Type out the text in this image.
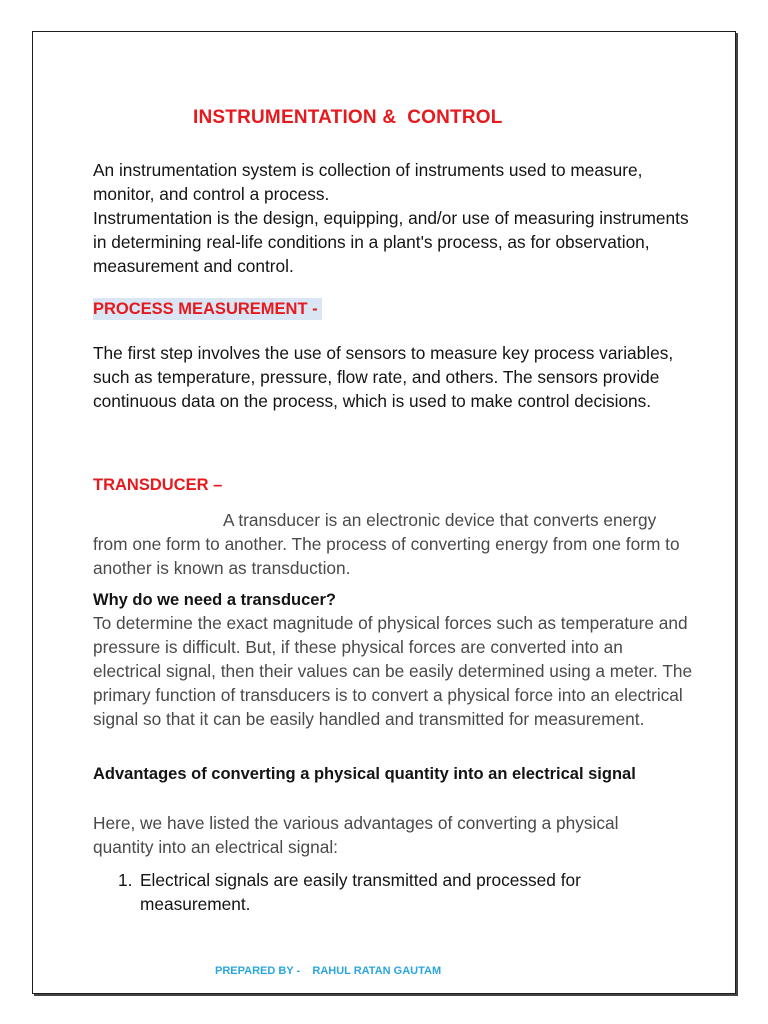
INSTRUMENTATION &  CONTROL

An instrumentation system is collection of instruments used to measure, monitor, and control a process.

Instrumentation is the design, equipping, and/or use of measuring instruments in determining real-life conditions in a plant's process, as for observation, measurement and control.

PROCESS MEASUREMENT -

The first step involves the use of sensors to measure key process variables, such as temperature, pressure, flow rate, and others. The sensors provide continuous data on the process, which is used to make control decisions.

TRANSDUCER –

A transducer is an electronic device that converts energy from one form to another. The process of converting energy from one form to another is known as transduction.

Why do we need a transducer?

To determine the exact magnitude of physical forces such as temperature and pressure is difficult. But, if these physical forces are converted into an electrical signal, then their values can be easily determined using a meter. The primary function of transducers is to convert a physical force into an electrical signal so that it can be easily handled and transmitted for measurement.

Advantages of converting a physical quantity into an electrical signal

Here, we have listed the various advantages of converting a physical quantity into an electrical signal:

1. Electrical signals are easily transmitted and processed for measurement.

PREPARED BY -    RAHUL RATAN GAUTAM
